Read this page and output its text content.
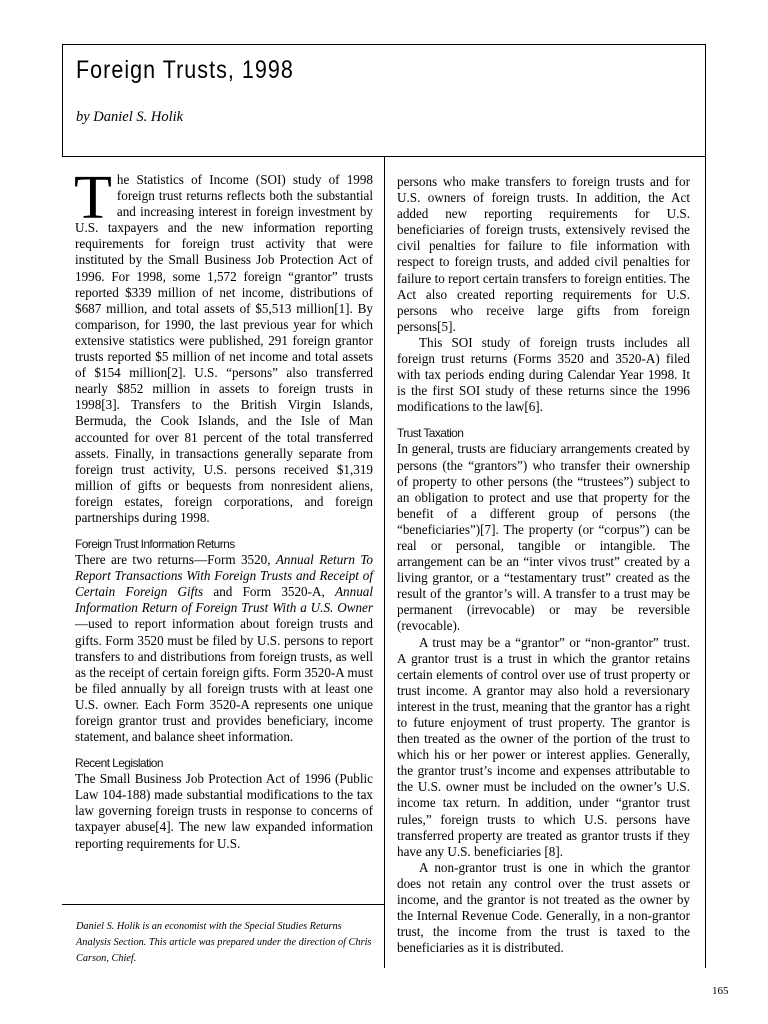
Foreign Trusts, 1998
by Daniel S. Holik

The Statistics of Income (SOI) study of 1998 foreign trust returns reflects both the substantial and increasing interest in foreign investment by U.S. taxpayers and the new information reporting requirements for foreign trust activity that were instituted by the Small Business Job Protection Act of 1996. For 1998, some 1,572 foreign “grantor” trusts reported $339 million of net income, distributions of $687 million, and total assets of $5,513 million[1]. By comparison, for 1990, the last previous year for which extensive statistics were published, 291 foreign grantor trusts reported $5 million of net income and total assets of $154 million[2]. U.S. “persons” also transferred nearly $852 million in assets to foreign trusts in 1998[3]. Transfers to the British Virgin Islands, Bermuda, the Cook Islands, and the Isle of Man accounted for over 81 percent of the total transferred assets. Finally, in transactions generally separate from foreign trust activity, U.S. persons received $1,319 million of gifts or bequests from nonresident aliens, foreign estates, foreign corporations, and foreign partnerships during 1998.

Foreign Trust Information Returns

There are two returns—Form 3520, Annual Return To Report Transactions With Foreign Trusts and Receipt of Certain Foreign Gifts and Form 3520-A, Annual Information Return of Foreign Trust With a U.S. Owner—used to report information about foreign trusts and gifts. Form 3520 must be filed by U.S. persons to report transfers to and distributions from foreign trusts, as well as the receipt of certain foreign gifts. Form 3520-A must be filed annually by all foreign trusts with at least one U.S. owner. Each Form 3520-A represents one unique foreign grantor trust and provides beneficiary, income statement, and balance sheet information.

Recent Legislation

The Small Business Job Protection Act of 1996 (Public Law 104-188) made substantial modifications to the tax law governing foreign trusts in response to concerns of taxpayer abuse[4]. The new law expanded information reporting requirements for U.S.

persons who make transfers to foreign trusts and for U.S. owners of foreign trusts. In addition, the Act added new reporting requirements for U.S. beneficiaries of foreign trusts, extensively revised the civil penalties for failure to file information with respect to foreign trusts, and added civil penalties for failure to report certain transfers to foreign entities. The Act also created reporting requirements for U.S. persons who receive large gifts from foreign persons[5].

This SOI study of foreign trusts includes all foreign trust returns (Forms 3520 and 3520-A) filed with tax periods ending during Calendar Year 1998. It is the first SOI study of these returns since the 1996 modifications to the law[6].

Trust Taxation

In general, trusts are fiduciary arrangements created by persons (the “grantors”) who transfer their ownership of property to other persons (the “trustees”) subject to an obligation to protect and use that property for the benefit of a different group of persons (the “beneficiaries”)[7]. The property (or “corpus”) can be real or personal, tangible or intangible. The arrangement can be an “inter vivos trust” created by a living grantor, or a “testamentary trust” created as the result of the grantor’s will. A transfer to a trust may be permanent (irrevocable) or may be reversible (revocable).

A trust may be a “grantor” or “non-grantor” trust. A grantor trust is a trust in which the grantor retains certain elements of control over use of trust property or trust income. A grantor may also hold a reversionary interest in the trust, meaning that the grantor has a right to future enjoyment of trust property. The grantor is then treated as the owner of the portion of the trust to which his or her power or interest applies. Generally, the grantor trust’s income and expenses attributable to the U.S. owner must be included on the owner’s U.S. income tax return. In addition, under “grantor trust rules,” foreign trusts to which U.S. persons have transferred property are treated as grantor trusts if they have any U.S. beneficiaries [8].

A non-grantor trust is one in which the grantor does not retain any control over the trust assets or income, and the grantor is not treated as the owner by the Internal Revenue Code. Generally, in a non-grantor trust, the income from the trust is taxed to the beneficiaries as it is distributed.

Daniel S. Holik is an economist with the Special Studies Returns Analysis Section. This article was prepared under the direction of Chris Carson, Chief.
165
